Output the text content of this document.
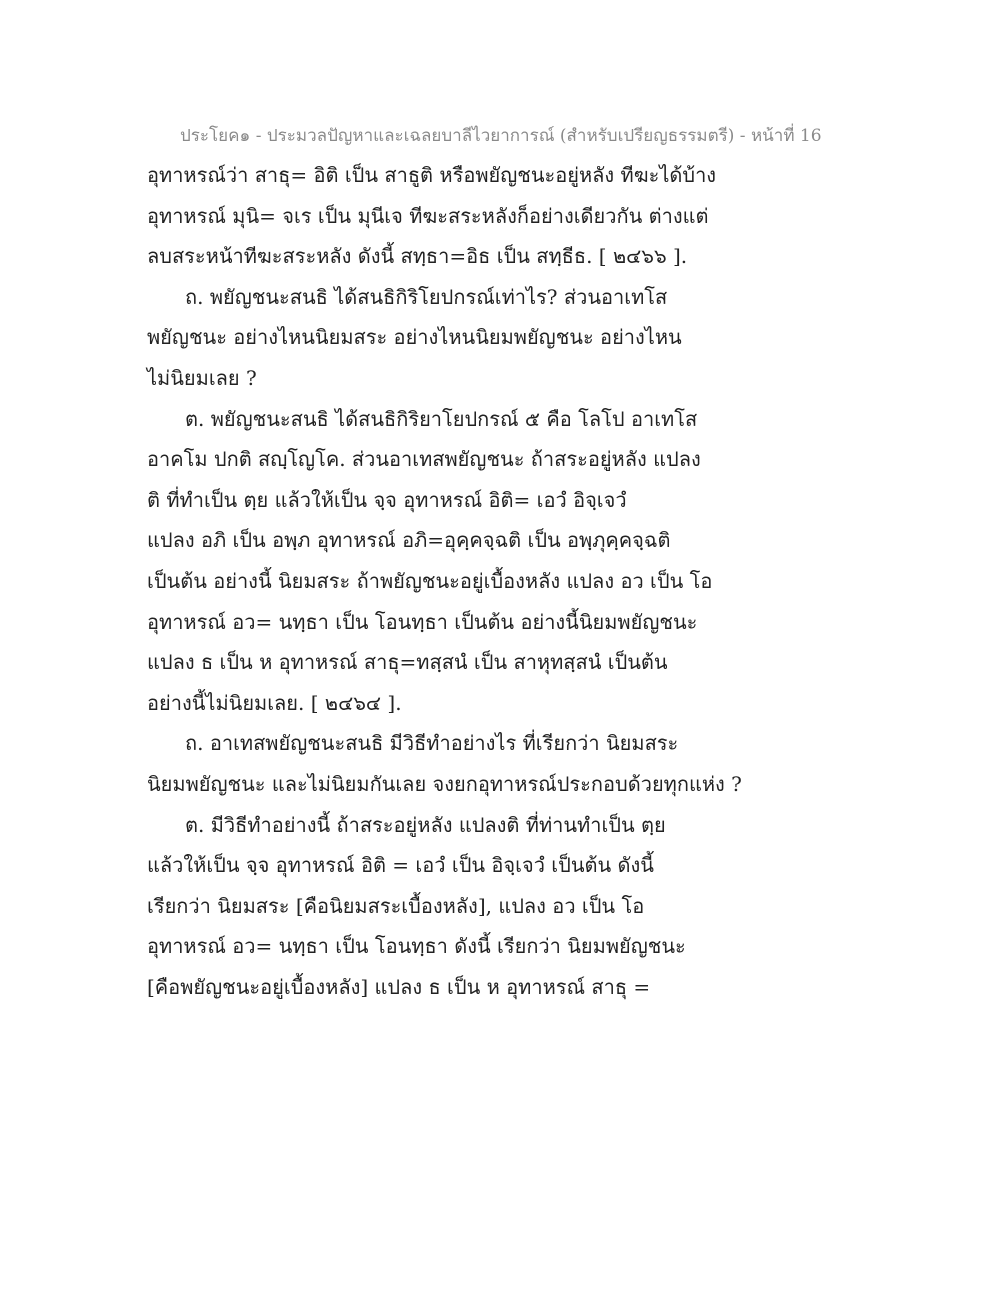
ประโยค๑ - ประมวลปัญหาและเฉลยบาลีไวยาการณ์ (สำหรับเปรียญธรรมตรี) - หน้าที่ 16
อุทาหรณ์ว่า สาธุ= อิติ เป็น สาธูติ หรือพยัญชนะอยู่หลัง ทีฆะได้บ้าง
อุทาหรณ์ มุนิ= จเร เป็น มุนีเจ ทีฆะสระหลังก็อย่างเดียวกัน ต่างแต่
ลบสระหน้าทีฆะสระหลัง ดังนี้ สทฺธา=อิธ เป็น สทฺธีธ. [ ๒๔๖๖ ].
ถ. พยัญชนะสนธิ ได้สนธิกิริโยปกรณ์เท่าไร? ส่วนอาเทโส
พยัญชนะ อย่างไหนนิยมสระ อย่างไหนนิยมพยัญชนะ อย่างไหน
ไม่นิยมเลย ?
ต. พยัญชนะสนธิ ได้สนธิกิริยาโยปกรณ์ ๕ คือ โลโป อาเทโส
อาคโม ปกติ สญฺโญโค. ส่วนอาเทสพยัญชนะ ถ้าสระอยู่หลัง แปลง
ติ ที่ทำเป็น ตฺย แล้วให้เป็น จฺจ อุทาหรณ์ อิติ= เอวํ อิจฺเจวํ
แปลง อภิ เป็น อพฺภ อุทาหรณ์ อภิ=อุคฺคจฺฉติ เป็น อพฺภุคฺคจฺฉติ
เป็นต้น อย่างนี้ นิยมสระ ถ้าพยัญชนะอยู่เบื้องหลัง แปลง อว เป็น โอ
อุทาหรณ์ อว= นทฺธา เป็น โอนทฺธา เป็นต้น อย่างนี้นิยมพยัญชนะ
แปลง ธ เป็น ห อุทาหรณ์ สาธุ=ทสฺสนํ เป็น สาหุทสฺสนํ เป็นต้น
อย่างนี้ไม่นิยมเลย. [ ๒๔๖๔ ].
ถ. อาเทสพยัญชนะสนธิ มีวิธีทำอย่างไร ที่เรียกว่า นิยมสระ
นิยมพยัญชนะ และไม่นิยมกันเลย จงยกอุทาหรณ์ประกอบด้วยทุกแห่ง ?
ต. มีวิธีทำอย่างนี้ ถ้าสระอยู่หลัง แปลงติ ที่ท่านทำเป็น ตฺย
แล้วให้เป็น จฺจ อุทาหรณ์ อิติ = เอวํ เป็น อิจฺเจวํ เป็นต้น ดังนี้
เรียกว่า นิยมสระ [คือนิยมสระเบื้องหลัง], แปลง อว เป็น โอ
อุทาหรณ์ อว= นทฺธา เป็น โอนทฺธา ดังนี้ เรียกว่า นิยมพยัญชนะ
[คือพยัญชนะอยู่เบื้องหลัง] แปลง ธ เป็น ห อุทาหรณ์ สาธุ =
